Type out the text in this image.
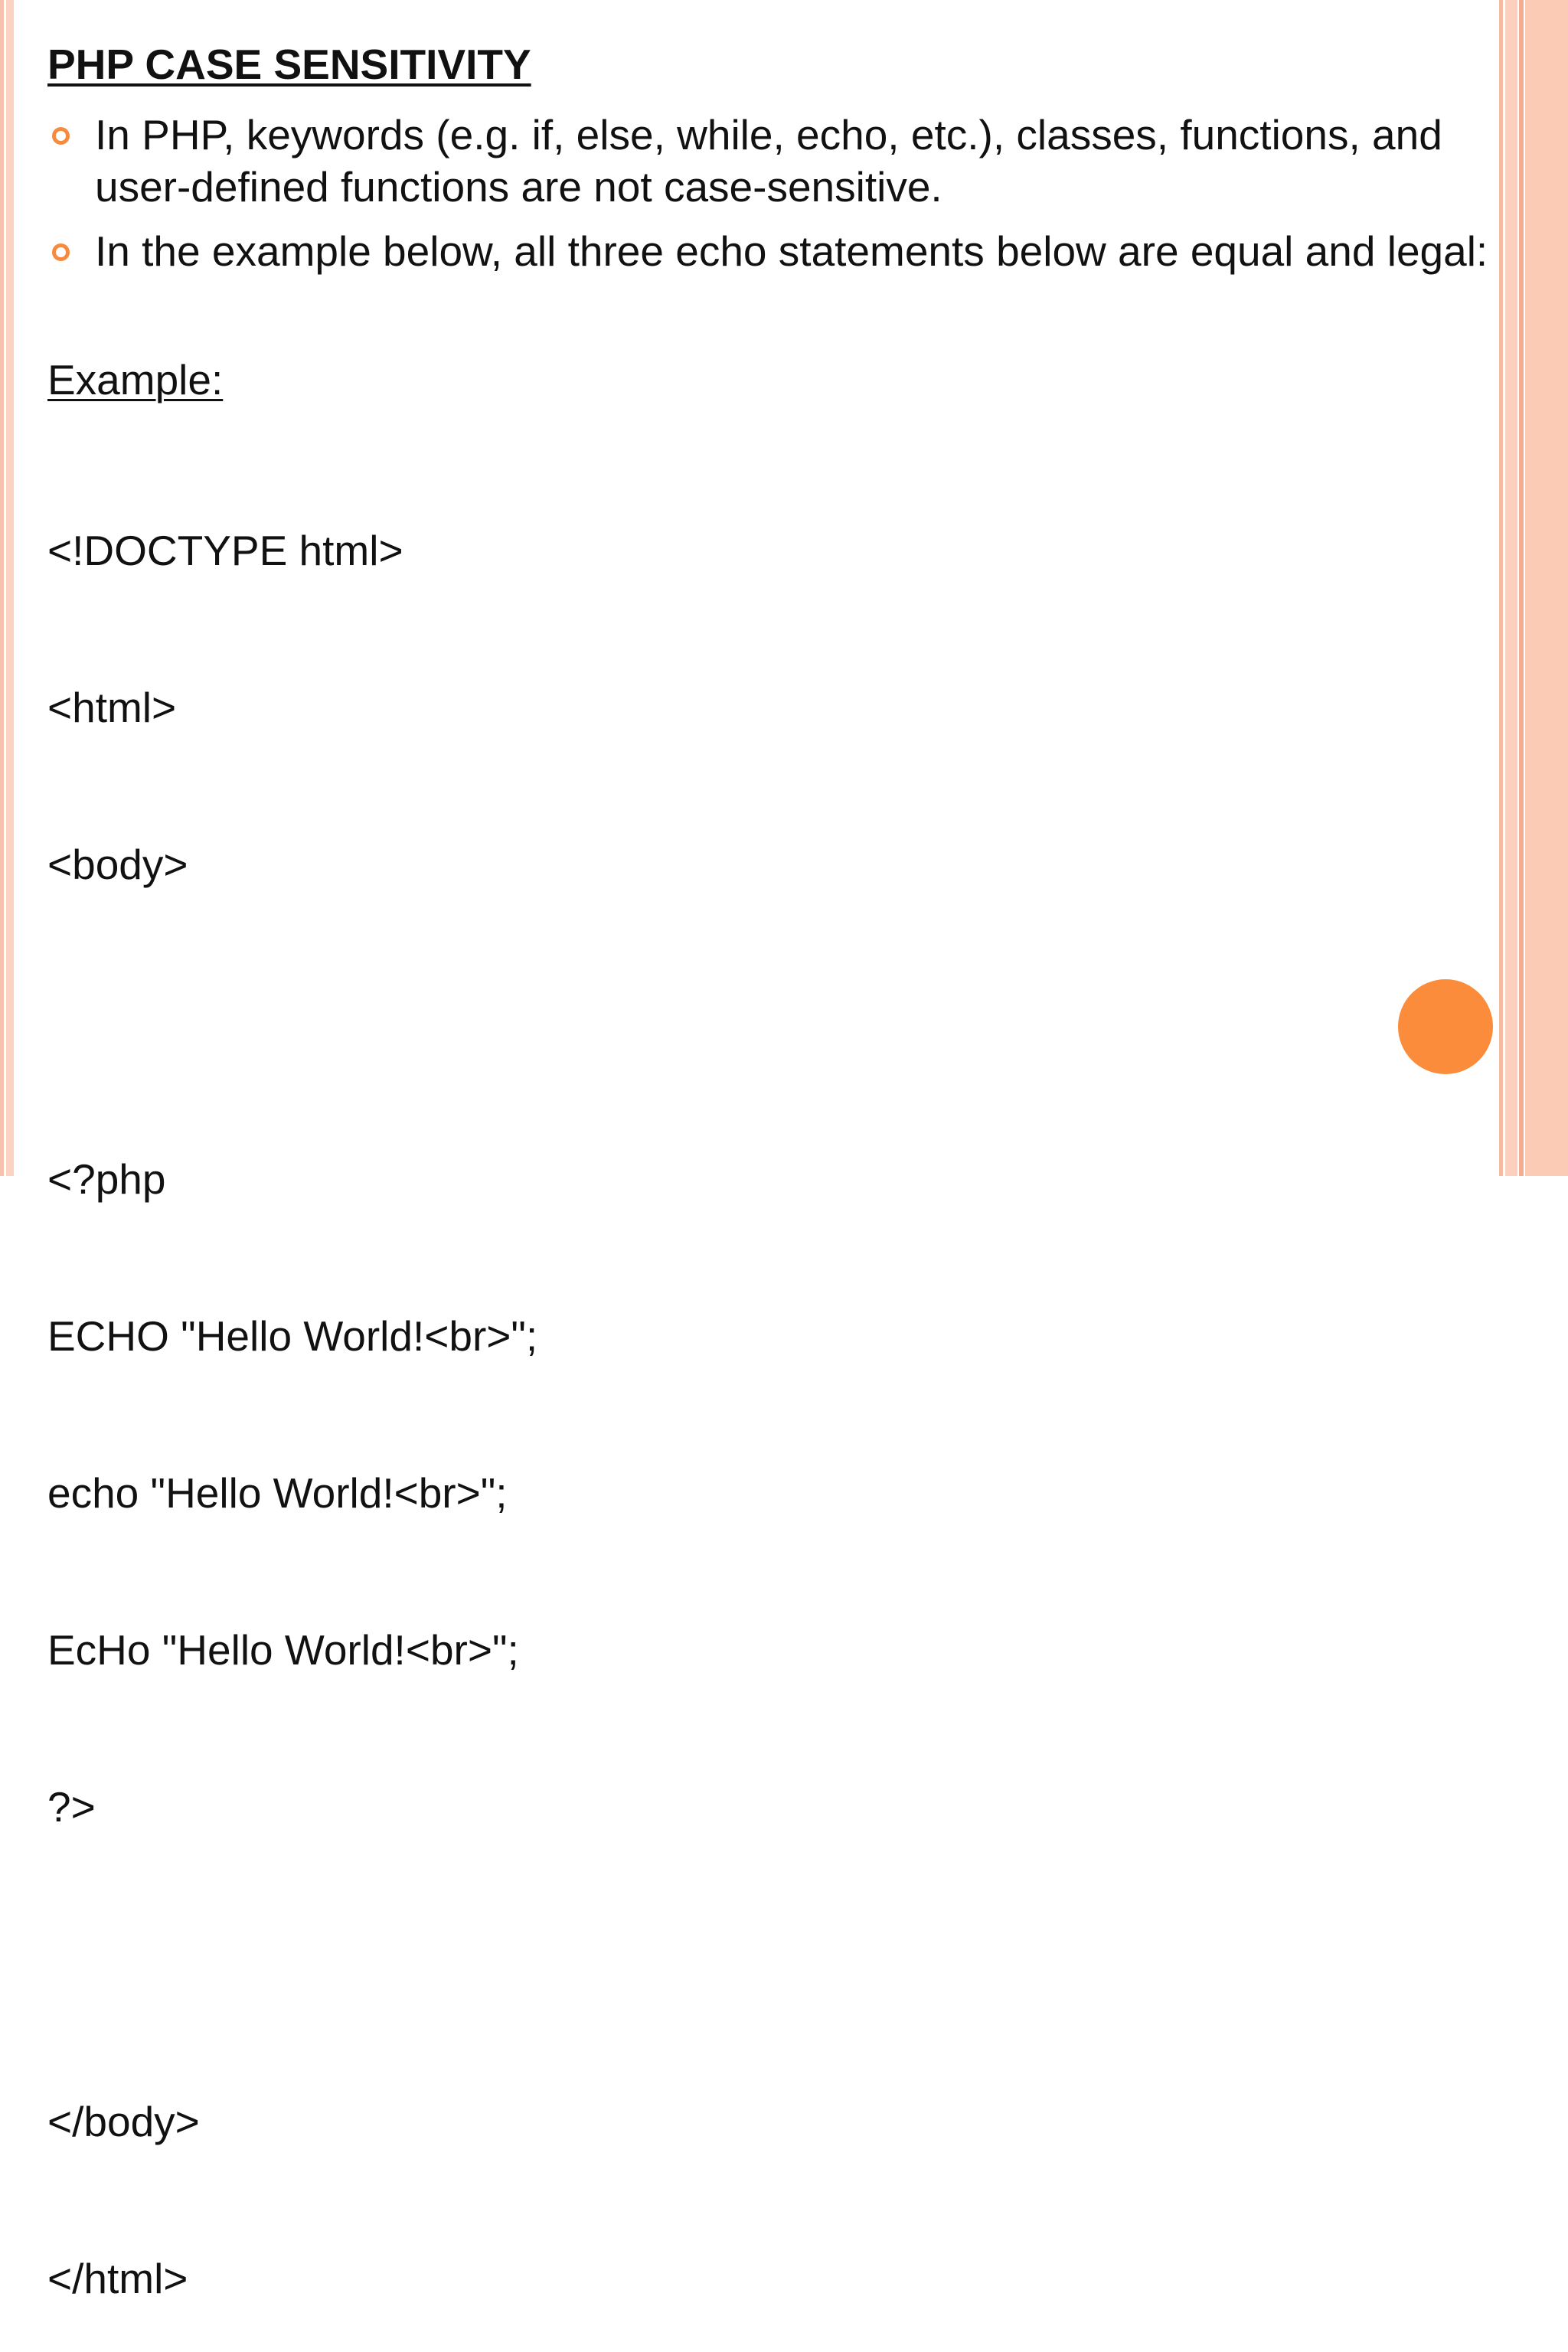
PHP CASE SENSITIVITY
In PHP, keywords (e.g. if, else, while, echo, etc.), classes, functions, and user-defined functions are not case-sensitive.
In the example below, all three echo statements below are equal and legal:
Example:

<!DOCTYPE html>

<html>

<body>

<?php

ECHO "Hello World!<br>";

echo "Hello World!<br>";

EcHo "Hello World!<br>";

?>

</body>

</html>
